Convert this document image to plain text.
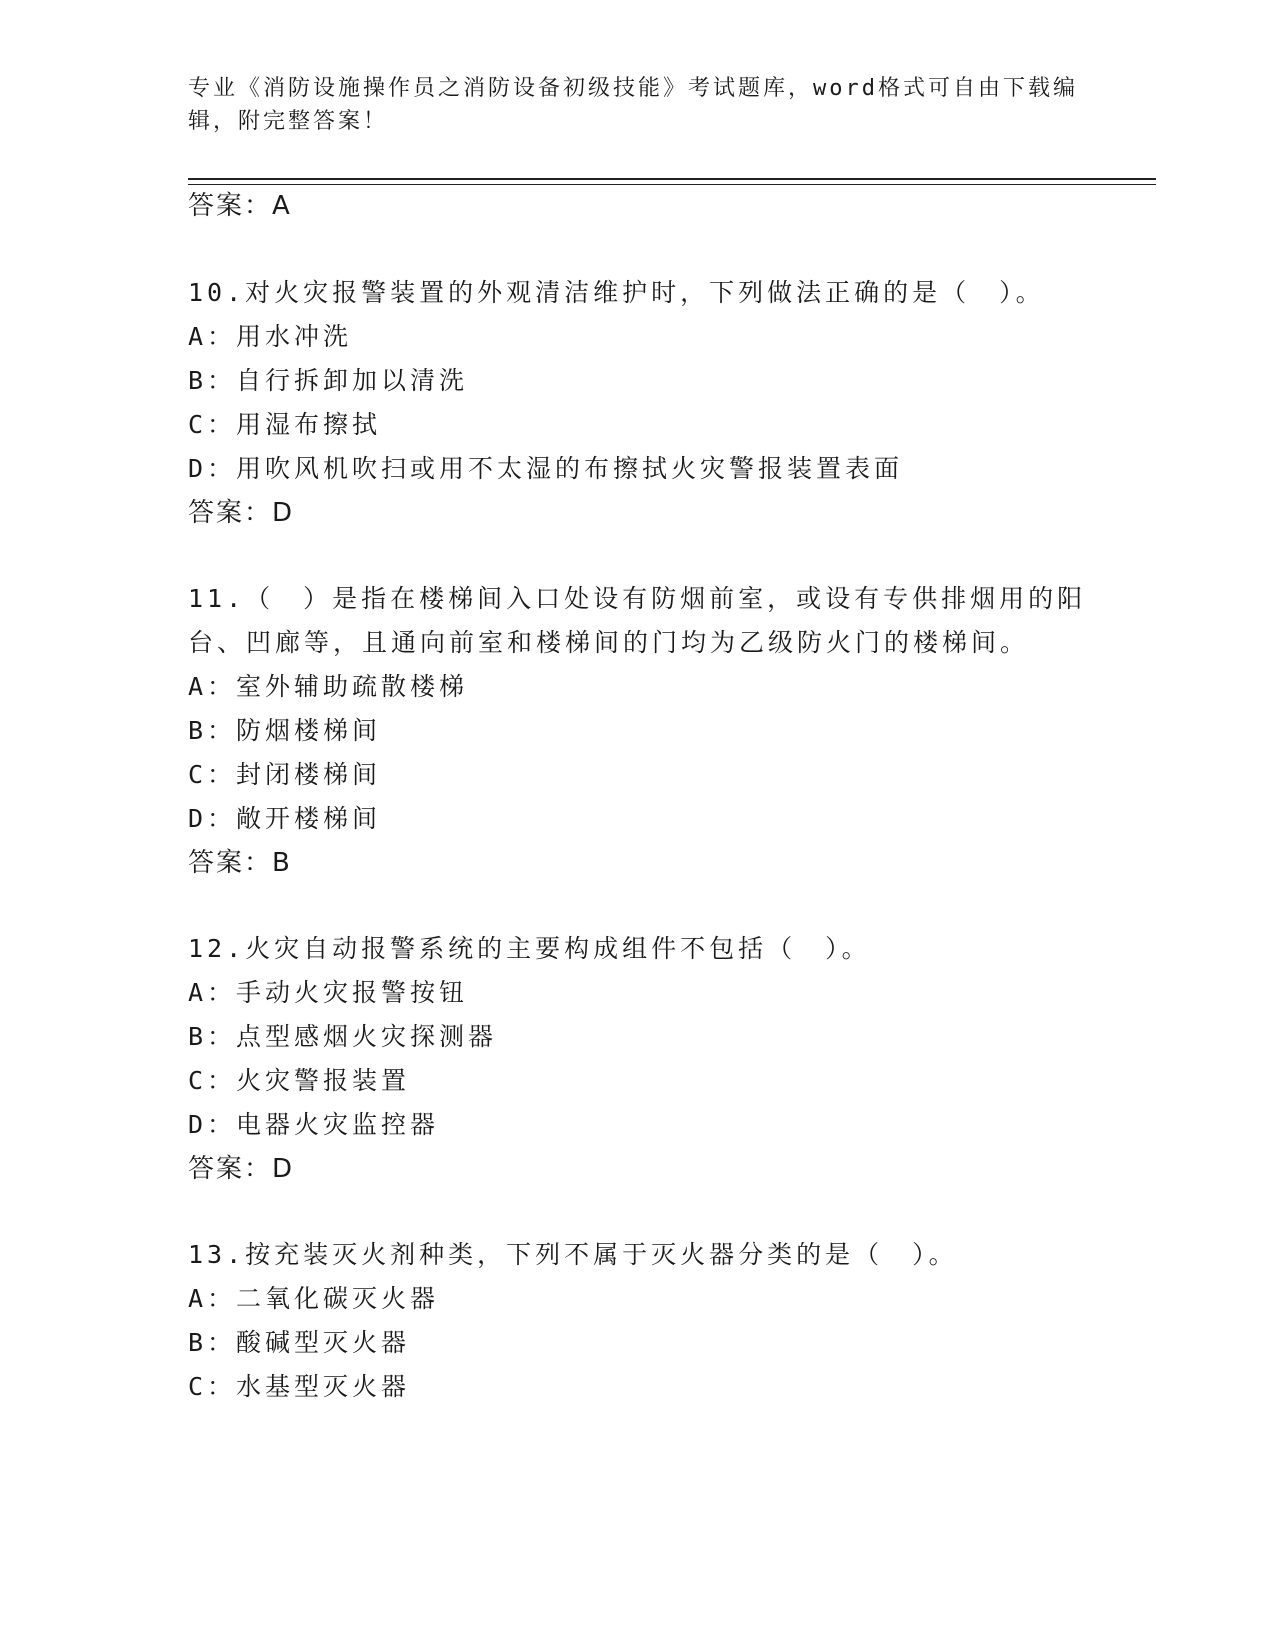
专业《消防设施操作员之消防设备初级技能》考试题库，word格式可自由下载编
辑，附完整答案！
答案：A
10.对火灾报警装置的外观清洁维护时，下列做法正确的是（　）。
A：用水冲洗
B：自行拆卸加以清洗
C：用湿布擦拭
D：用吹风机吹扫或用不太湿的布擦拭火灾警报装置表面
答案：D
11.（　）是指在楼梯间入口处设有防烟前室，或设有专供排烟用的阳
台、凹廊等，且通向前室和楼梯间的门均为乙级防火门的楼梯间。
A：室外辅助疏散楼梯
B：防烟楼梯间
C：封闭楼梯间
D：敞开楼梯间
答案：B
12.火灾自动报警系统的主要构成组件不包括（　）。
A：手动火灾报警按钮
B：点型感烟火灾探测器
C：火灾警报装置
D：电器火灾监控器
答案：D
13.按充装灭火剂种类，下列不属于灭火器分类的是（　）。
A：二氧化碳灭火器
B：酸碱型灭火器
C：水基型灭火器
